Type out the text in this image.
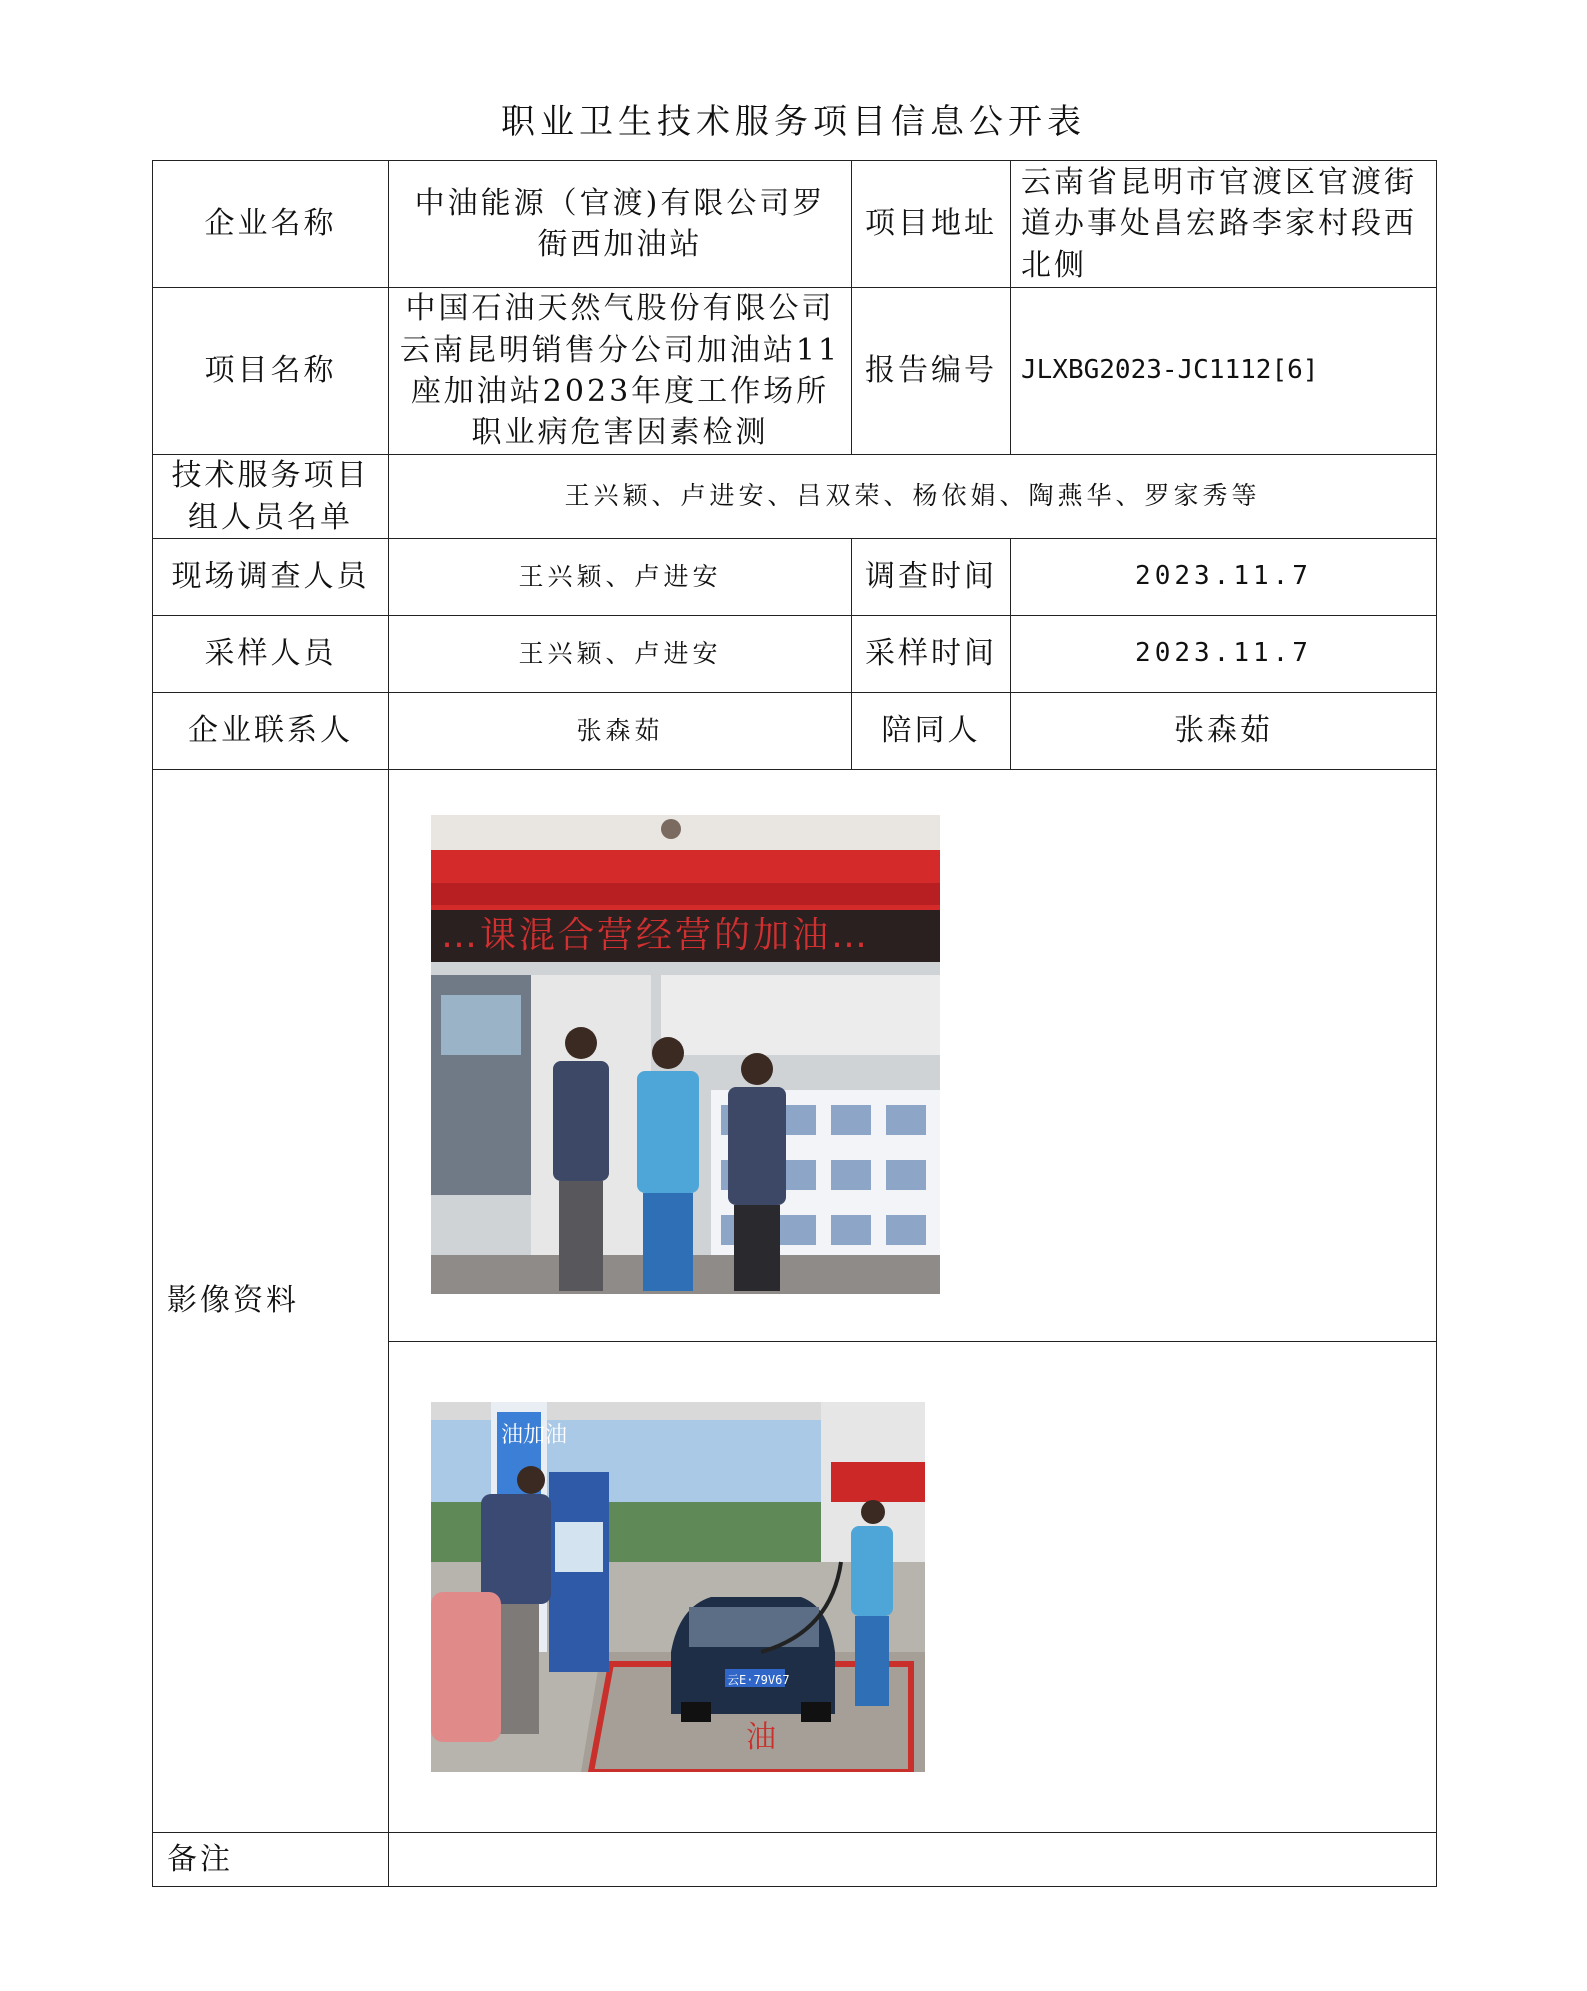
职业卫生技术服务项目信息公开表
企业名称	中油能源（官渡)有限公司罗衙西加油站	项目地址	云南省昆明市官渡区官渡街道办事处昌宏路李家村段西北侧
项目名称	中国石油天然气股份有限公司云南昆明销售分公司加油站11座加油站2023年度工作场所职业病危害因素检测	报告编号	JLXBG2023-JC1112[6]
技术服务项目组人员名单	王兴颖、卢进安、吕双荣、杨依娟、陶燕华、罗家秀等		
现场调查人员	王兴颖、卢进安	调查时间	2023.11.7
采样人员	王兴颖、卢进安	采样时间	2023.11.7
企业联系人	张森茹	陪同人	张森茹
影像资料	…课混合营经营的加油…		

油
油加油
云E·79V67		

备注			
